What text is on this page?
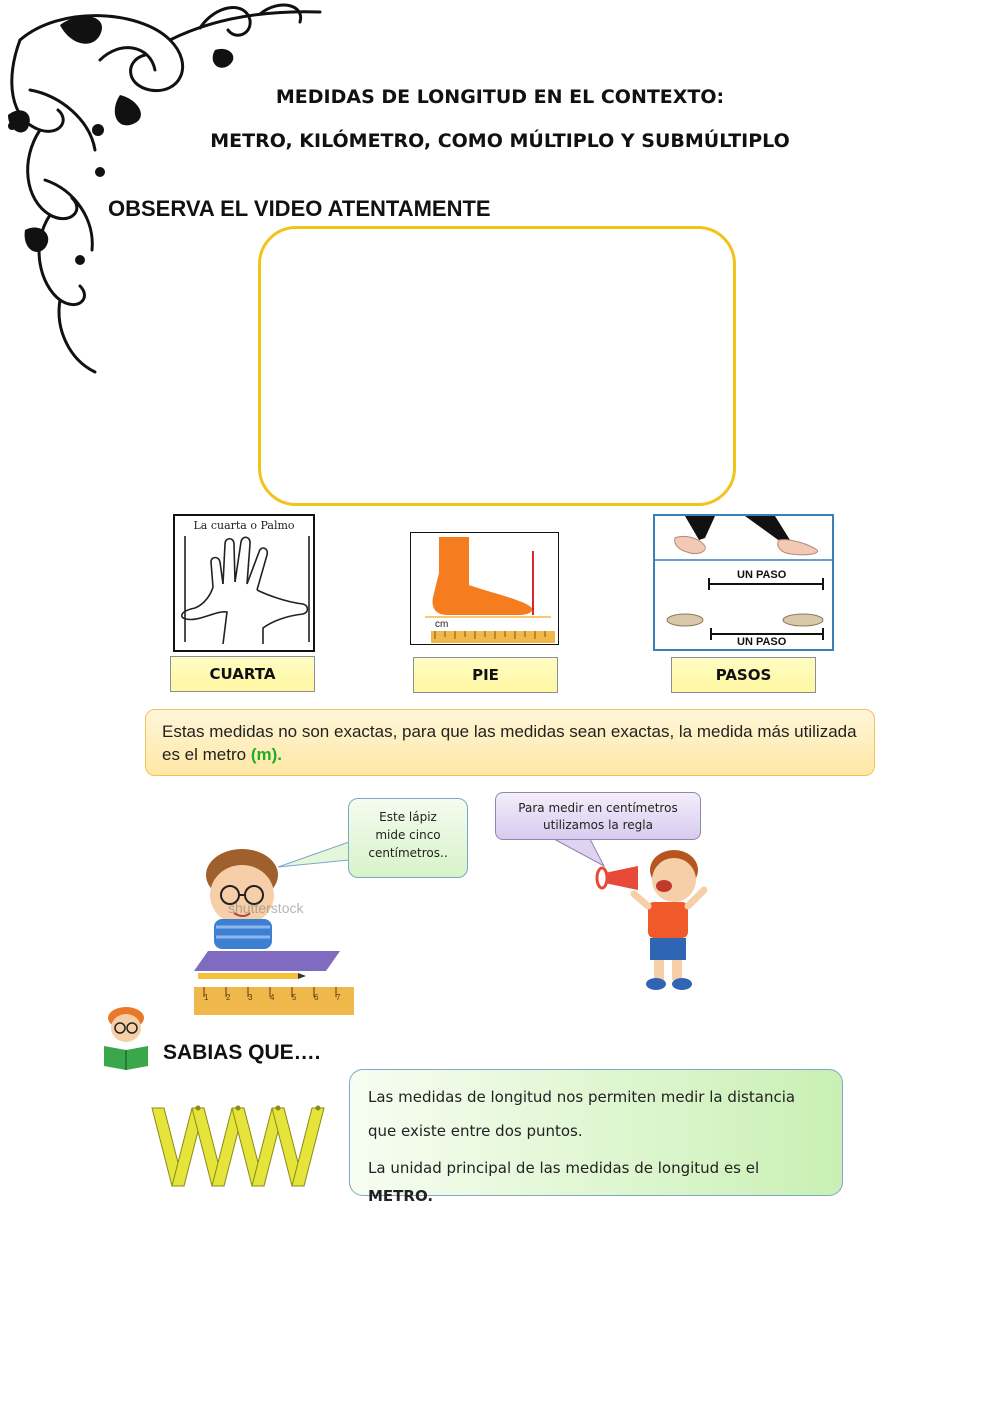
MEDIDAS DE LONGITUD EN EL CONTEXTO:
METRO, KILÓMETRO, COMO MÚLTIPLO Y SUBMÚLTIPLO
OBSERVA EL VIDEO ATENTAMENTE
La cuarta o Palmo
cm
UN PASO
UN PASO
CUARTA	PIE	PASOS
Estas medidas no son exactas, para que las medidas sean exactas, la medida más utilizada es el metro (m).
Este lápiz mide cinco centímetros..
Para medir en centímetros utilizamos la regla
1 2 3 4 5 6 7
shutterstock
SABIAS QUE….

Las medidas de longitud nos permiten medir la distancia que existe entre dos puntos.

La unidad principal de las medidas de longitud es el METRO.
